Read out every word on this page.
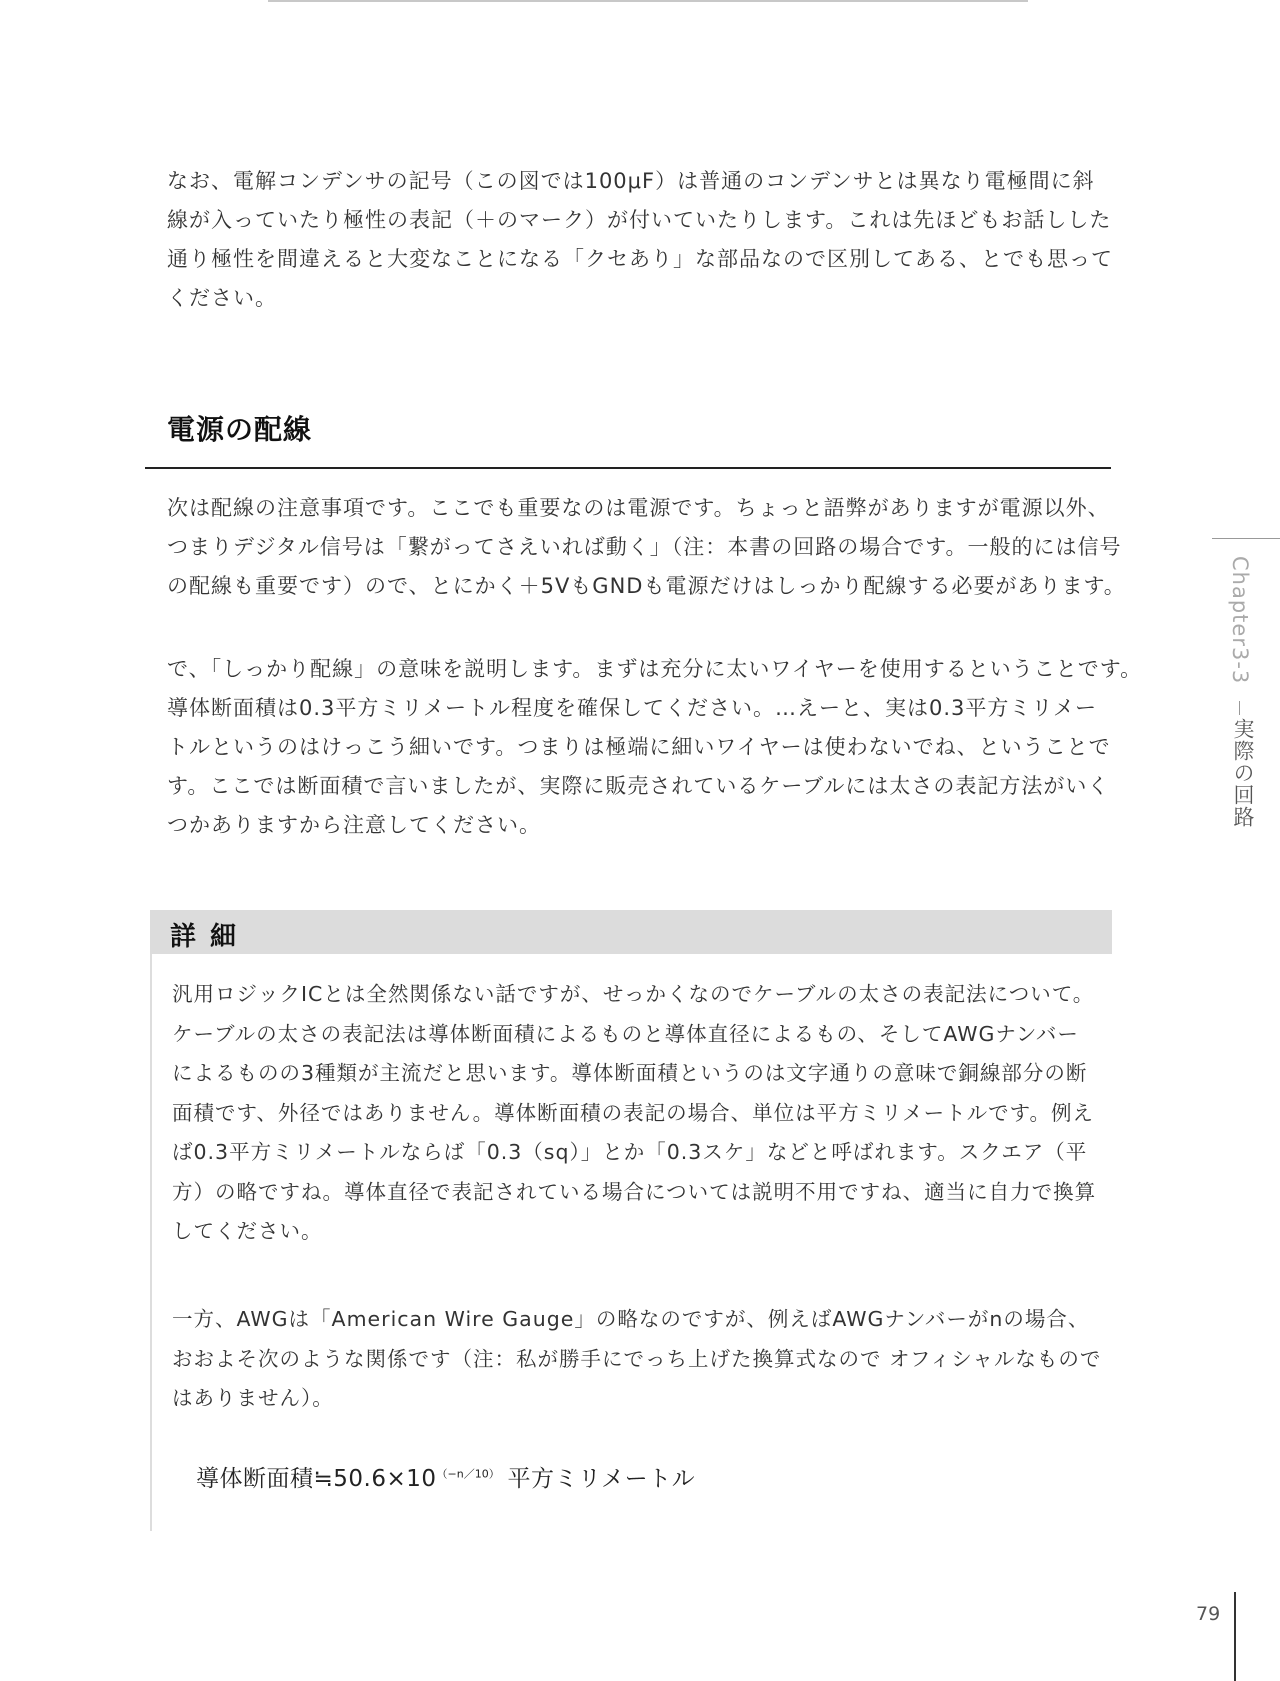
なお、電解コンデンサの記号（この図では100μF）は普通のコンデンサとは異なり電極間に斜
線が入っていたり極性の表記（＋のマーク）が付いていたりします。これは先ほどもお話しした
通り極性を間違えると大変なことになる「クセあり」な部品なので区別してある、とでも思って
ください。
電源の配線
次は配線の注意事項です。ここでも重要なのは電源です。ちょっと語弊がありますが電源以外、
つまりデジタル信号は「繋がってさえいれば動く」（注：本書の回路の場合です。一般的には信号
の配線も重要です）ので、とにかく＋5VもGNDも電源だけはしっかり配線する必要があります。
で、「しっかり配線」の意味を説明します。まずは充分に太いワイヤーを使用するということです。
導体断面積は0.3平方ミリメートル程度を確保してください。…えーと、実は0.3平方ミリメー
トルというのはけっこう細いです。つまりは極端に細いワイヤーは使わないでね、ということで
す。ここでは断面積で言いましたが、実際に販売されているケーブルには太さの表記方法がいく
つかありますから注意してください。
Chapter3-3
実際の回路
詳細
汎用ロジックICとは全然関係ない話ですが、せっかくなのでケーブルの太さの表記法について。
ケーブルの太さの表記法は導体断面積によるものと導体直径によるもの、そしてAWGナンバー
によるものの3種類が主流だと思います。導体断面積というのは文字通りの意味で銅線部分の断
面積です、外径ではありません。導体断面積の表記の場合、単位は平方ミリメートルです。例え
ば0.3平方ミリメートルならば「0.3（sq）」とか「0.3スケ」などと呼ばれます。スクエア（平
方）の略ですね。導体直径で表記されている場合については説明不用ですね、適当に自力で換算
してください。
一方、AWGは「American Wire Gauge」の略なのですが、例えばAWGナンバーがnの場合、
おおよそ次のような関係です（注：私が勝手にでっち上げた換算式なので オフィシャルなもので
はありません）。

導体断面積$≒50.6\times 10^{(-n/10)}$ 平方ミリメートル

79
